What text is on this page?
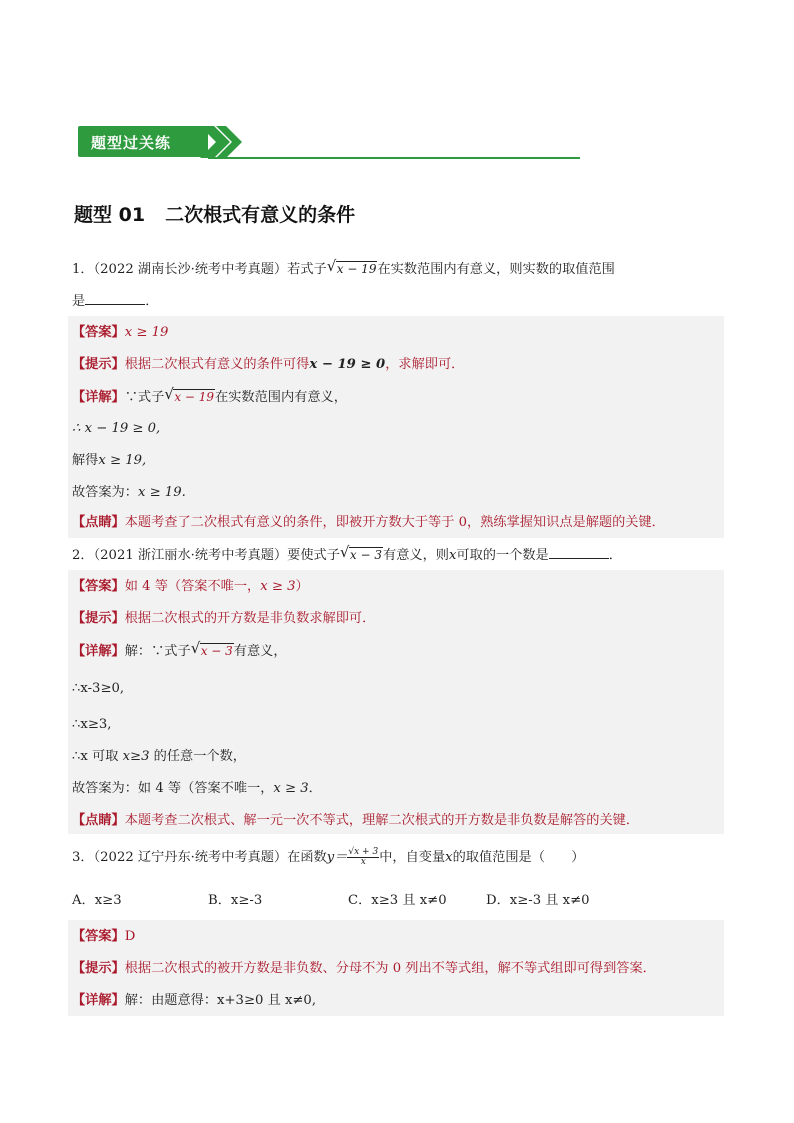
题型过关练
题型 01 二次根式有意义的条件
1．（2022 湖南长沙·统考中考真题）若式子 √ x − 19在实数范围内有意义，则实数的取值范围
是	．
【答案】x ≥ 19
【提示】根据二次根式有意义的条件可得x − 19 ≥ 0，求解即可．
【详解】∵式子 √ x − 19在实数范围内有意义，
∴ x − 19 ≥ 0,
解得x ≥ 19,
故答案为：x ≥ 19.
【点睛】本题考查了二次根式有意义的条件，即被开方数大于等于 0，熟练掌握知识点是解题的关键．
2．（2021 浙江丽水·统考中考真题）要使式子 √ x − 3有意义，则x可取的一个数是	．
【答案】如 4 等（答案不唯一，x ≥ 3）
【提示】根据二次根式的开方数是非负数求解即可．
【详解】解：∵式子 √ x − 3有意义，
∴x-3≥0,
∴x≥3,
∴x 可取 x≥3 的任意一个数，
故答案为：如 4 等（答案不唯一，x ≥ 3．
【点睛】本题考查二次根式、解一元一次不等式，理解二次根式的开方数是非负数是解答的关键．
3．（2022 辽宁丹东·统考中考真题）在函数$y= \frac{√x + 3}{x}$ 中，自变量x的取值范围是（　　）
A．x≥3	B．x≥-3	C．x≥3 且 x≠0	D．x≥-3 且 x≠0
【答案】D
【提示】根据二次根式的被开方数是非负数、分母不为 0 列出不等式组，解不等式组即可得到答案．
【详解】解：由题意得：x+3≥0 且 x≠0,
